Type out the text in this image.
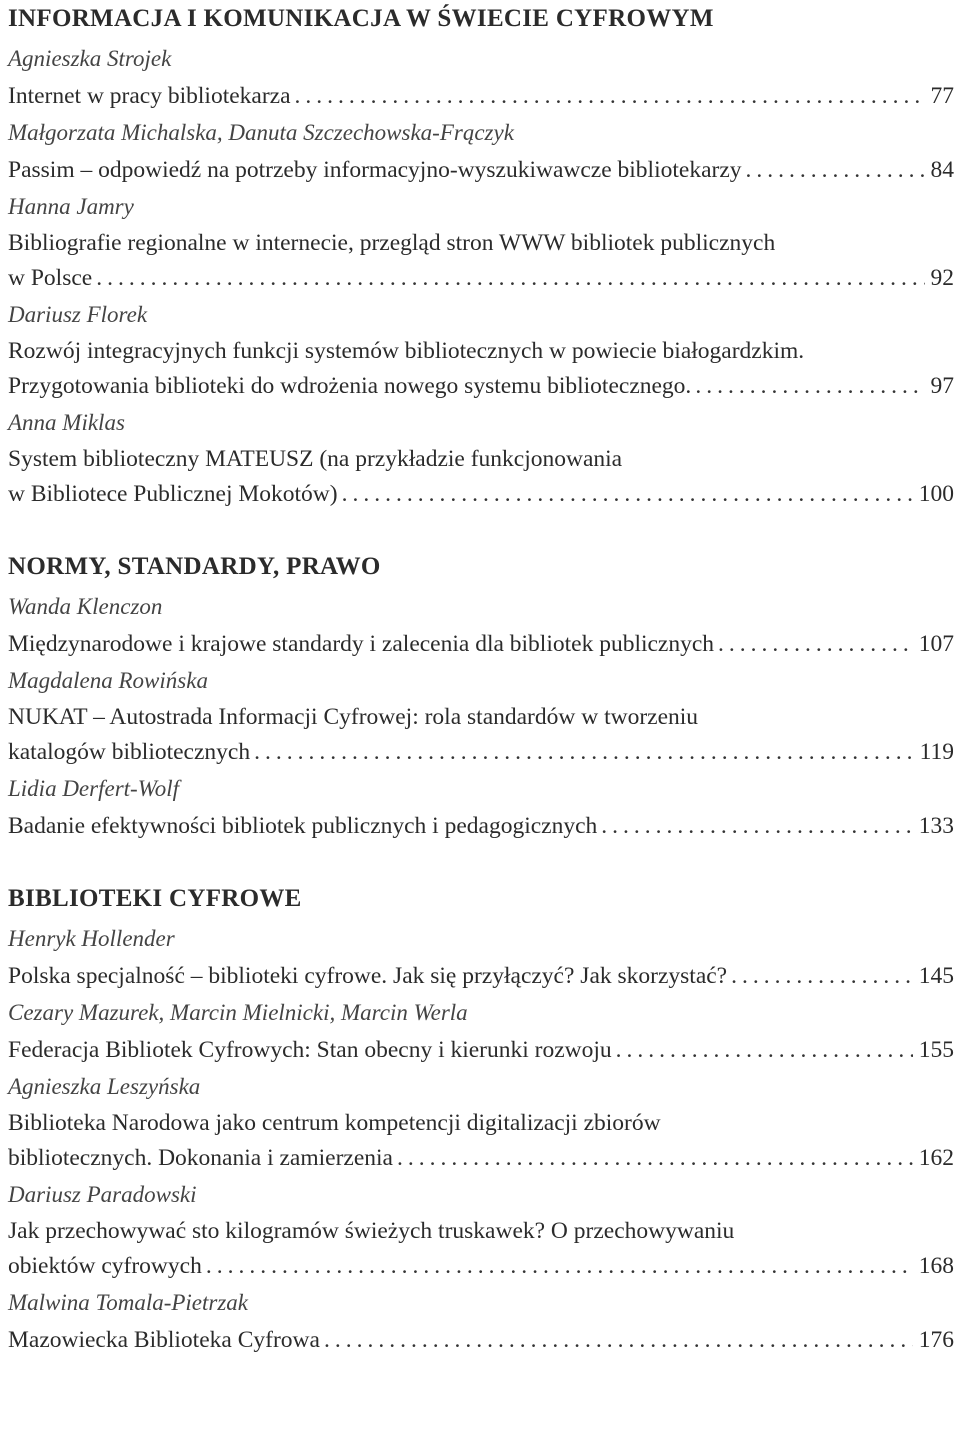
INFORMACJA I KOMUNIKACJA W ŚWIECIE CYFROWYM
Agnieszka Strojek
Internet w pracy bibliotekarza .....	77
Małgorzata Michalska, Danuta Szczechowska-Frączyk
Passim – odpowiedź na potrzeby informacyjno-wyszukiwawcze bibliotekarzy .....	84
Hanna Jamry
Bibliografie regionalne w internecie, przegląd stron WWW bibliotek publicznych
w Polsce .....	92
Dariusz Florek
Rozwój integracyjnych funkcji systemów bibliotecznych w powiecie białogardzkim.
Przygotowania biblioteki do wdrożenia nowego systemu bibliotecznego. .....	97
Anna Miklas
System biblioteczny MATEUSZ (na przykładzie funkcjonowania
w Bibliotece Publicznej Mokotów) .....	100
NORMY, STANDARDY, PRAWO
Wanda Klenczon
Międzynarodowe i krajowe standardy i zalecenia dla bibliotek publicznych .....	107
Magdalena Rowińska
NUKAT – Autostrada Informacji Cyfrowej: rola standardów w tworzeniu
katalogów bibliotecznych .....	119
Lidia Derfert-Wolf
Badanie efektywności bibliotek publicznych i pedagogicznych .....	133
BIBLIOTEKI CYFROWE
Henryk Hollender
Polska specjalność – biblioteki cyfrowe. Jak się przyłączyć? Jak skorzystać? .....	145
Cezary Mazurek, Marcin Mielnicki, Marcin Werla
Federacja Bibliotek Cyfrowych: Stan obecny i kierunki rozwoju .....	155
Agnieszka Leszyńska
Biblioteka Narodowa jako centrum kompetencji digitalizacji zbiorów
bibliotecznych. Dokonania i zamierzenia .....	162
Dariusz Paradowski
Jak przechowywać sto kilogramów świeżych truskawek? O przechowywaniu
obiektów cyfrowych .....	168
Malwina Tomala-Pietrzak
Mazowiecka Biblioteka Cyfrowa .....	176
